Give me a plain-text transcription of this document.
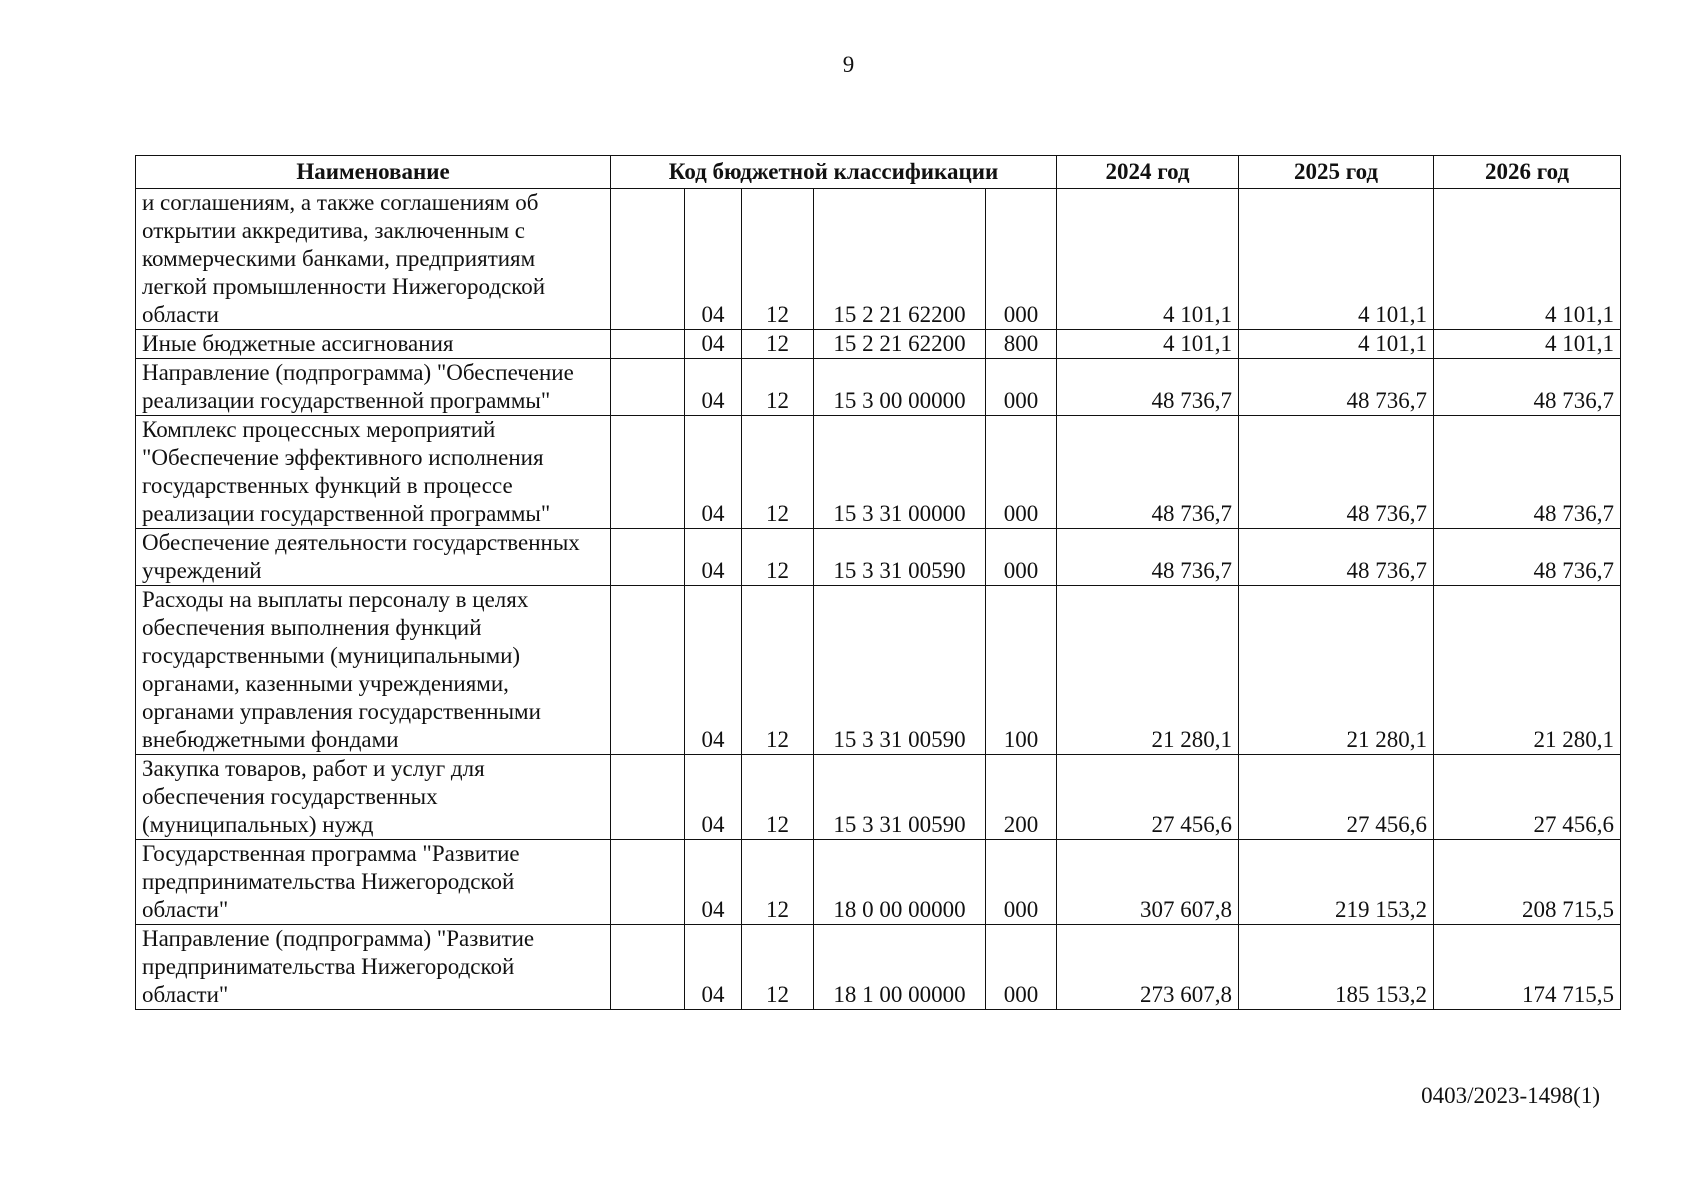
9
Наименование	Код бюджетной классификации					2024 год	2025 год	2026 год
и соглашениям, а также соглашениям об открытии аккредитива, заключенным с коммерческими банками, предприятиям легкой промышленности Нижегородской области		04	12	15 2 21 62200	000	4 101,1	4 101,1	4 101,1
Иные бюджетные ассигнования		04	12	15 2 21 62200	800	4 101,1	4 101,1	4 101,1
Направление (подпрограмма) "Обеспечение реализации государственной программы"		04	12	15 3 00 00000	000	48 736,7	48 736,7	48 736,7
Комплекс процессных мероприятий "Обеспечение эффективного исполнения государственных функций в процессе реализации государственной программы"		04	12	15 3 31 00000	000	48 736,7	48 736,7	48 736,7
Обеспечение деятельности государственных учреждений		04	12	15 3 31 00590	000	48 736,7	48 736,7	48 736,7
Расходы на выплаты персоналу в целях обеспечения выполнения функций государственными (муниципальными) органами, казенными учреждениями, органами управления государственными внебюджетными фондами		04	12	15 3 31 00590	100	21 280,1	21 280,1	21 280,1
Закупка товаров, работ и услуг для обеспечения государственных (муниципальных) нужд		04	12	15 3 31 00590	200	27 456,6	27 456,6	27 456,6
Государственная программа "Развитие предпринимательства Нижегородской области"		04	12	18 0 00 00000	000	307 607,8	219 153,2	208 715,5
Направление (подпрограмма) "Развитие предпринимательства Нижегородской области"		04	12	18 1 00 00000	000	273 607,8	185 153,2	174 715,5
0403/2023-1498(1)
